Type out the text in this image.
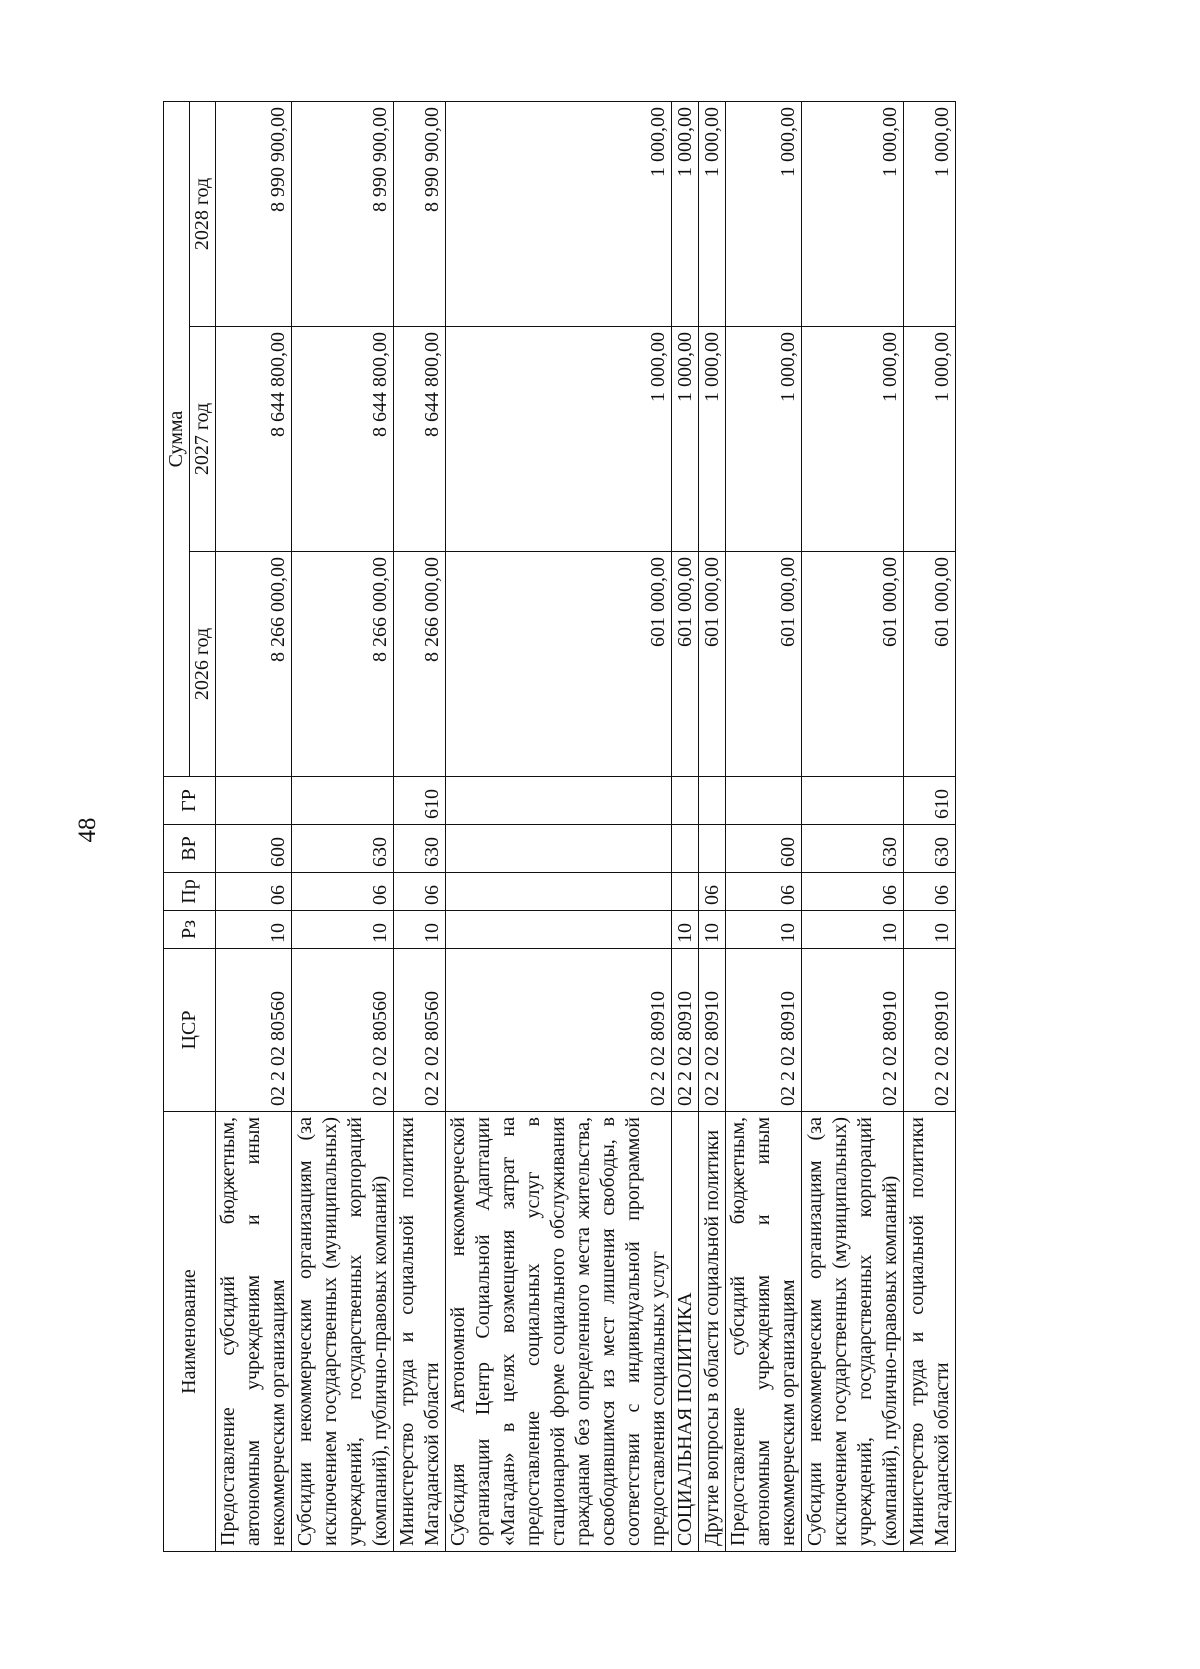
48
Наименование	ЦСР	Рз	Пр	ВР	ГР	Сумма		
						2026 год	2027 год	2028 год
Предоставление субсидий бюджетным, автономным учреждениям и иным некоммерческим организациям	02 2 02 80560	10	06	600		8 266 000,00	8 644 800,00	8 990 900,00
Субсидии некоммерческим организациям (за исключением государственных (муниципальных) учреждений, государственных корпораций (компаний), публично-правовых компаний)	02 2 02 80560	10	06	630		8 266 000,00	8 644 800,00	8 990 900,00
Министерство труда и социальной политики Магаданской области	02 2 02 80560	10	06	630	610	8 266 000,00	8 644 800,00	8 990 900,00
Субсидия Автономной некоммерческой организации Центр Социальной Адаптации «Магадан» в целях возмещения затрат на предоставление социальных услуг в стационарной форме социального обслуживания гражданам без определенного места жительства, освободившимся из мест лишения свободы, в соответствии с индивидуальной программой предоставления социальных услуг	02 2 02 80910					601 000,00	1 000,00	1 000,00
СОЦИАЛЬНАЯ ПОЛИТИКА	02 2 02 80910	10				601 000,00	1 000,00	1 000,00
Другие вопросы в области социальной политики	02 2 02 80910	10	06			601 000,00	1 000,00	1 000,00
Предоставление субсидий бюджетным, автономным учреждениям и иным некоммерческим организациям	02 2 02 80910	10	06	600		601 000,00	1 000,00	1 000,00
Субсидии некоммерческим организациям (за исключением государственных (муниципальных) учреждений, государственных корпораций (компаний), публично-правовых компаний)	02 2 02 80910	10	06	630		601 000,00	1 000,00	1 000,00
Министерство труда и социальной политики Магаданской области	02 2 02 80910	10	06	630	610	601 000,00	1 000,00	1 000,00
